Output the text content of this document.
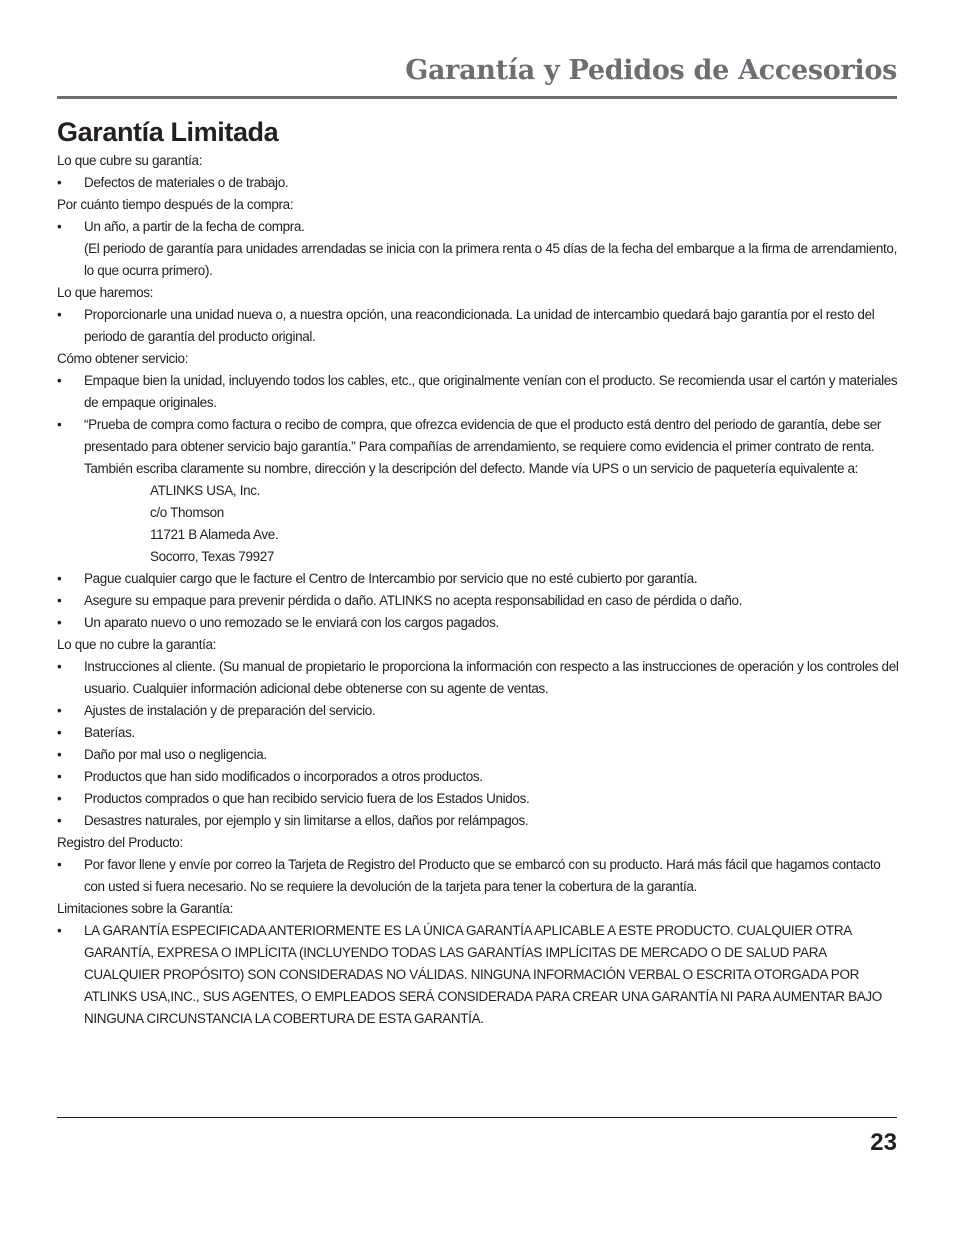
Garantía y Pedidos de Accesorios
Garantía Limitada

Lo que cubre su garantía:

• Defectos de materiales o de trabajo.

Por cuánto tiempo después de la compra:

• Un año, a partir de la fecha de compra.
(El periodo de garantía para unidades arrendadas se inicia con la primera renta o 45 días de la fecha del embarque a la firma de arrendamiento, lo que ocurra primero).

Lo que haremos:

• Proporcionarle una unidad nueva o, a nuestra opción, una reacondicionada. La unidad de intercambio quedará bajo garantía por el resto del periodo de garantía del producto original.

Cómo obtener servicio:

• Empaque bien la unidad, incluyendo todos los cables, etc., que originalmente venían con el producto. Se recomienda usar el cartón y materiales de empaque originales.
• “Prueba de compra como factura o recibo de compra, que ofrezca evidencia de que el producto está dentro del periodo de garantía, debe ser presentado para obtener servicio bajo garantía.” Para compañías de arrendamiento, se requiere como evidencia el primer contrato de renta. También escriba claramente su nombre, dirección y la descripción del defecto. Mande vía UPS o un servicio de paquetería equivalente a:

ATLINKS USA, Inc.

c/o Thomson

11721 B Alameda Ave.

Socorro, Texas 79927

• Pague cualquier cargo que le facture el Centro de Intercambio por servicio que no esté cubierto por garantía.
• Asegure su empaque para prevenir pérdida o daño. ATLINKS no acepta responsabilidad en caso de pérdida o daño.
• Un aparato nuevo o uno remozado se le enviará con los cargos pagados.

Lo que no cubre la garantía:

• Instrucciones al cliente. (Su manual de propietario le proporciona la información con respecto a las instrucciones de operación y los controles del usuario. Cualquier información adicional debe obtenerse con su agente de ventas.
• Ajustes de instalación y de preparación del servicio.
• Baterías.
• Daño por mal uso o negligencia.
• Productos que han sido modificados o incorporados a otros productos.
• Productos comprados o que han recibido servicio fuera de los Estados Unidos.
• Desastres naturales, por ejemplo y sin limitarse a ellos, daños por relámpagos.

Registro del Producto:

• Por favor llene y envíe por correo la Tarjeta de Registro del Producto que se embarcó con su producto. Hará más fácil que hagamos contacto con usted si fuera necesario. No se requiere la devolución de la tarjeta para tener la cobertura de la garantía.

Limitaciones sobre la Garantía:

• LA GARANTÍA ESPECIFICADA ANTERIORMENTE ES LA ÚNICA GARANTÍA APLICABLE A ESTE PRODUCTO. CUALQUIER OTRA GARANTÍA, EXPRESA O IMPLÍCITA (INCLUYENDO TODAS LAS GARANTÍAS IMPLÍCITAS DE MERCADO O DE SALUD PARA CUALQUIER PROPÓSITO) SON CONSIDERADAS NO VÁLIDAS. NINGUNA INFORMACIÓN VERBAL O ESCRITA OTORGADA POR ATLINKS USA,INC., SUS AGENTES, O EMPLEADOS SERÁ CONSIDERADA PARA CREAR UNA GARANTÍA NI PARA AUMENTAR BAJO NINGUNA CIRCUNSTANCIA LA COBERTURA DE ESTA GARANTÍA.
23
